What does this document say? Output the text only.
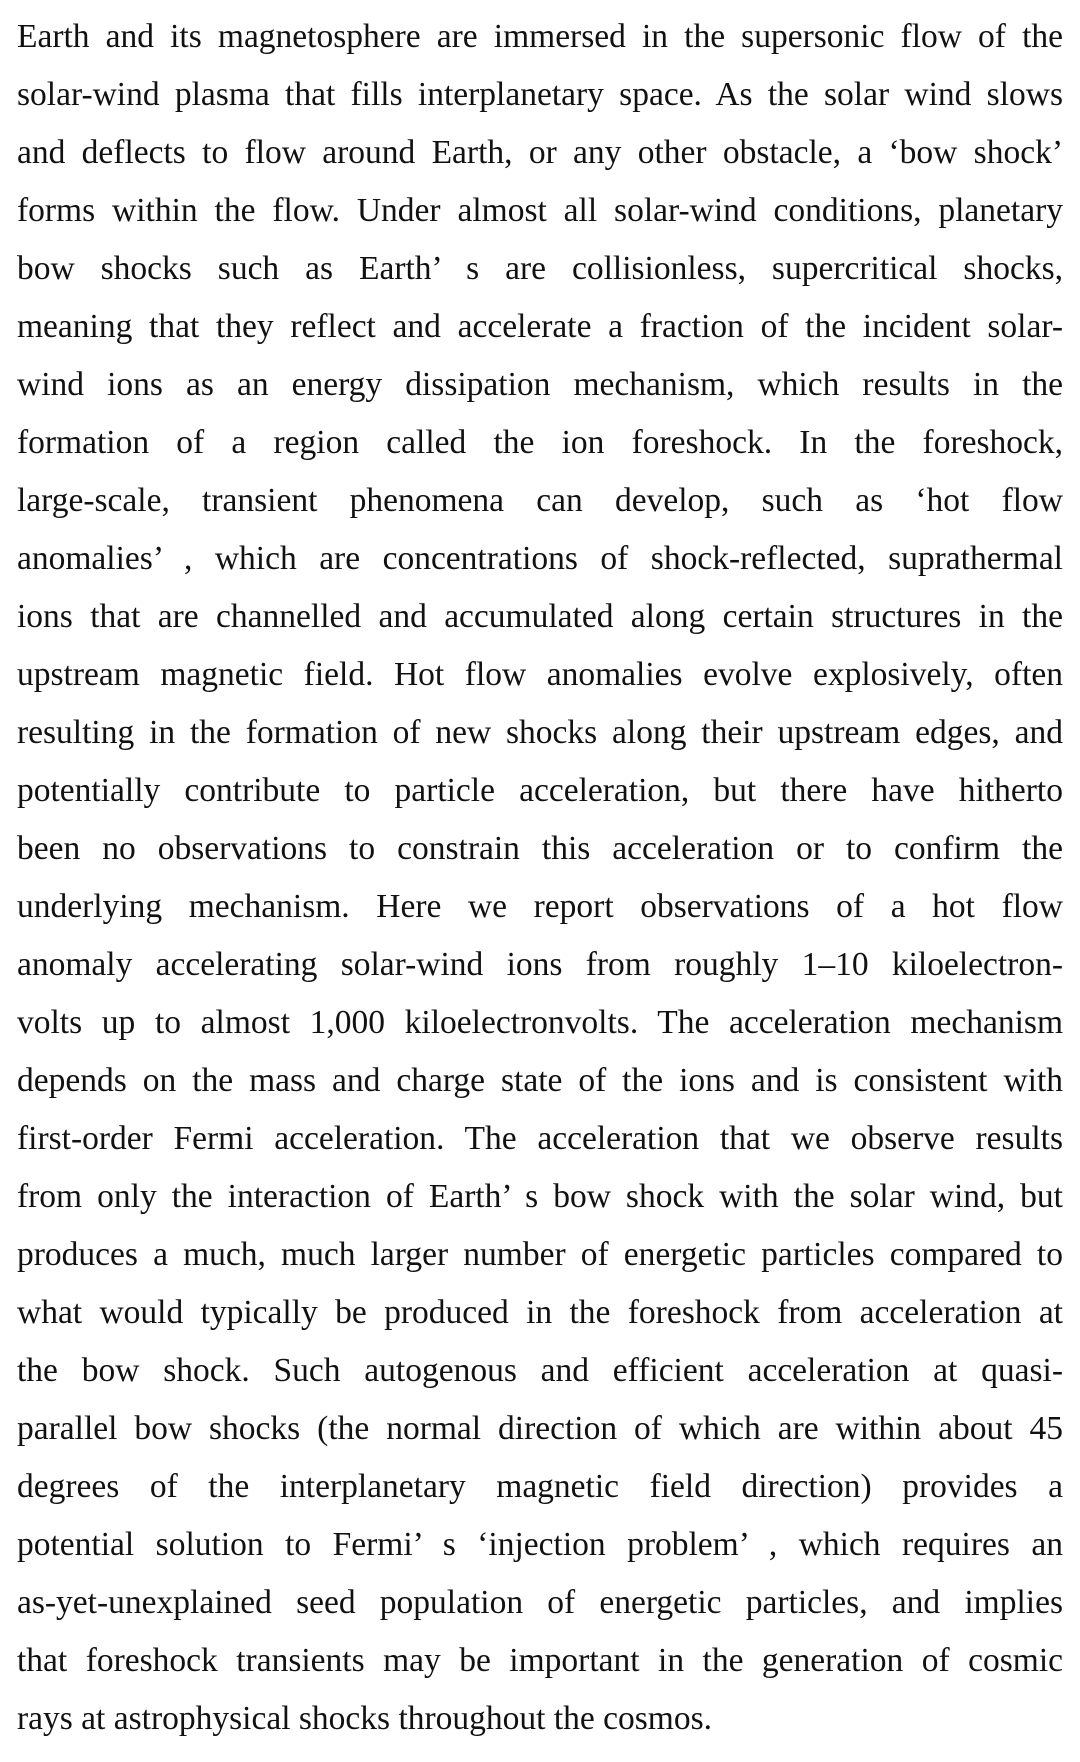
Earth and its magnetosphere are immersed in the supersonic flow of the
solar-wind plasma that fills interplanetary space. As the solar wind slows
and deflects to flow around Earth, or any other obstacle, a ‘bow shock’
forms within the flow. Under almost all solar-wind conditions, planetary
bow shocks such as Earth’ s are collisionless, supercritical shocks,
meaning that they reflect and accelerate a fraction of the incident solar-
wind ions as an energy dissipation mechanism, which results in the
formation of a region called the ion foreshock. In the foreshock,
large-scale, transient phenomena can develop, such as ‘hot flow
anomalies’ , which are concentrations of shock-reflected, suprathermal
ions that are channelled and accumulated along certain structures in the
upstream magnetic field. Hot flow anomalies evolve explosively, often
resulting in the formation of new shocks along their upstream edges, and
potentially contribute to particle acceleration, but there have hitherto
been no observations to constrain this acceleration or to confirm the
underlying mechanism. Here we report observations of a hot flow
anomaly accelerating solar-wind ions from roughly 1–10 kiloelectron-
volts up to almost 1,000 kiloelectronvolts. The acceleration mechanism
depends on the mass and charge state of the ions and is consistent with
first-order Fermi acceleration. The acceleration that we observe results
from only the interaction of Earth’ s bow shock with the solar wind, but
produces a much, much larger number of energetic particles compared to
what would typically be produced in the foreshock from acceleration at
the bow shock. Such autogenous and efficient acceleration at quasi-
parallel bow shocks (the normal direction of which are within about 45
degrees of the interplanetary magnetic field direction) provides a
potential solution to Fermi’ s ‘injection problem’ , which requires an
as-yet-unexplained seed population of energetic particles, and implies
that foreshock transients may be important in the generation of cosmic
rays at astrophysical shocks throughout the cosmos.
